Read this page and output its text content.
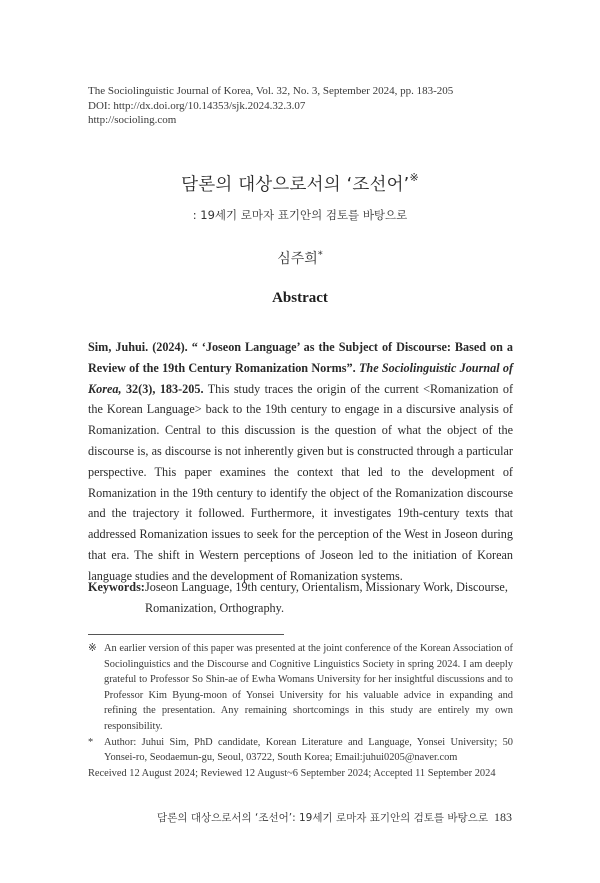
The Sociolinguistic Journal of Korea, Vol. 32, No. 3, September 2024, pp. 183-205
DOI: http://dx.doi.org/10.14353/sjk.2024.32.3.07
http://socioling.com
담론의 대상으로서의 ‘조선어’※
: 19세기 로마자 표기안의 검토를 바탕으로
심주희*
Abstract
Sim, Juhui. (2024). “ ‘Joseon Language’ as the Subject of Discourse: Based on a Review of the 19th Century Romanization Norms”. The Sociolinguistic Journal of Korea, 32(3), 183-205. This study traces the origin of the current <Romanization of the Korean Language> back to the 19th century to engage in a discursive analysis of Romanization. Central to this discussion is the question of what the object of the discourse is, as discourse is not inherently given but is constructed through a particular perspective. This paper examines the context that led to the development of Romanization in the 19th century to identify the object of the Romanization discourse and the trajectory it followed. Furthermore, it investigates 19th-century texts that addressed Romanization issues to seek for the perception of the West in Joseon during that era. The shift in Western perceptions of Joseon led to the initiation of Korean language studies and the development of Romanization systems.
Keywords: Joseon Language, 19th century, Orientalism, Missionary Work, Discourse,
Romanization, Orthography.
※ An earlier version of this paper was presented at the joint conference of the Korean Association of Sociolinguistics and the Discourse and Cognitive Linguistics Society in spring 2024. I am deeply grateful to Professor So Shin-ae of Ewha Womans University for her insightful discussions and to Professor Kim Byung-moon of Yonsei University for his valuable advice in expanding and refining the presentation. Any remaining shortcomings in this study are entirely my own responsibility.
*	Author: Juhui Sim, PhD candidate, Korean Literature and Language, Yonsei University; 50 Yonsei-ro, Seodaemun-gu, Seoul, 03722, South Korea; Email:juhui0205@naver.com
Received 12 August 2024; Reviewed 12 August~6 September 2024; Accepted 11 September 2024
담론의 대상으로서의 ‘조선어’: 19세기 로마자 표기안의 검토를 바탕으로 183
